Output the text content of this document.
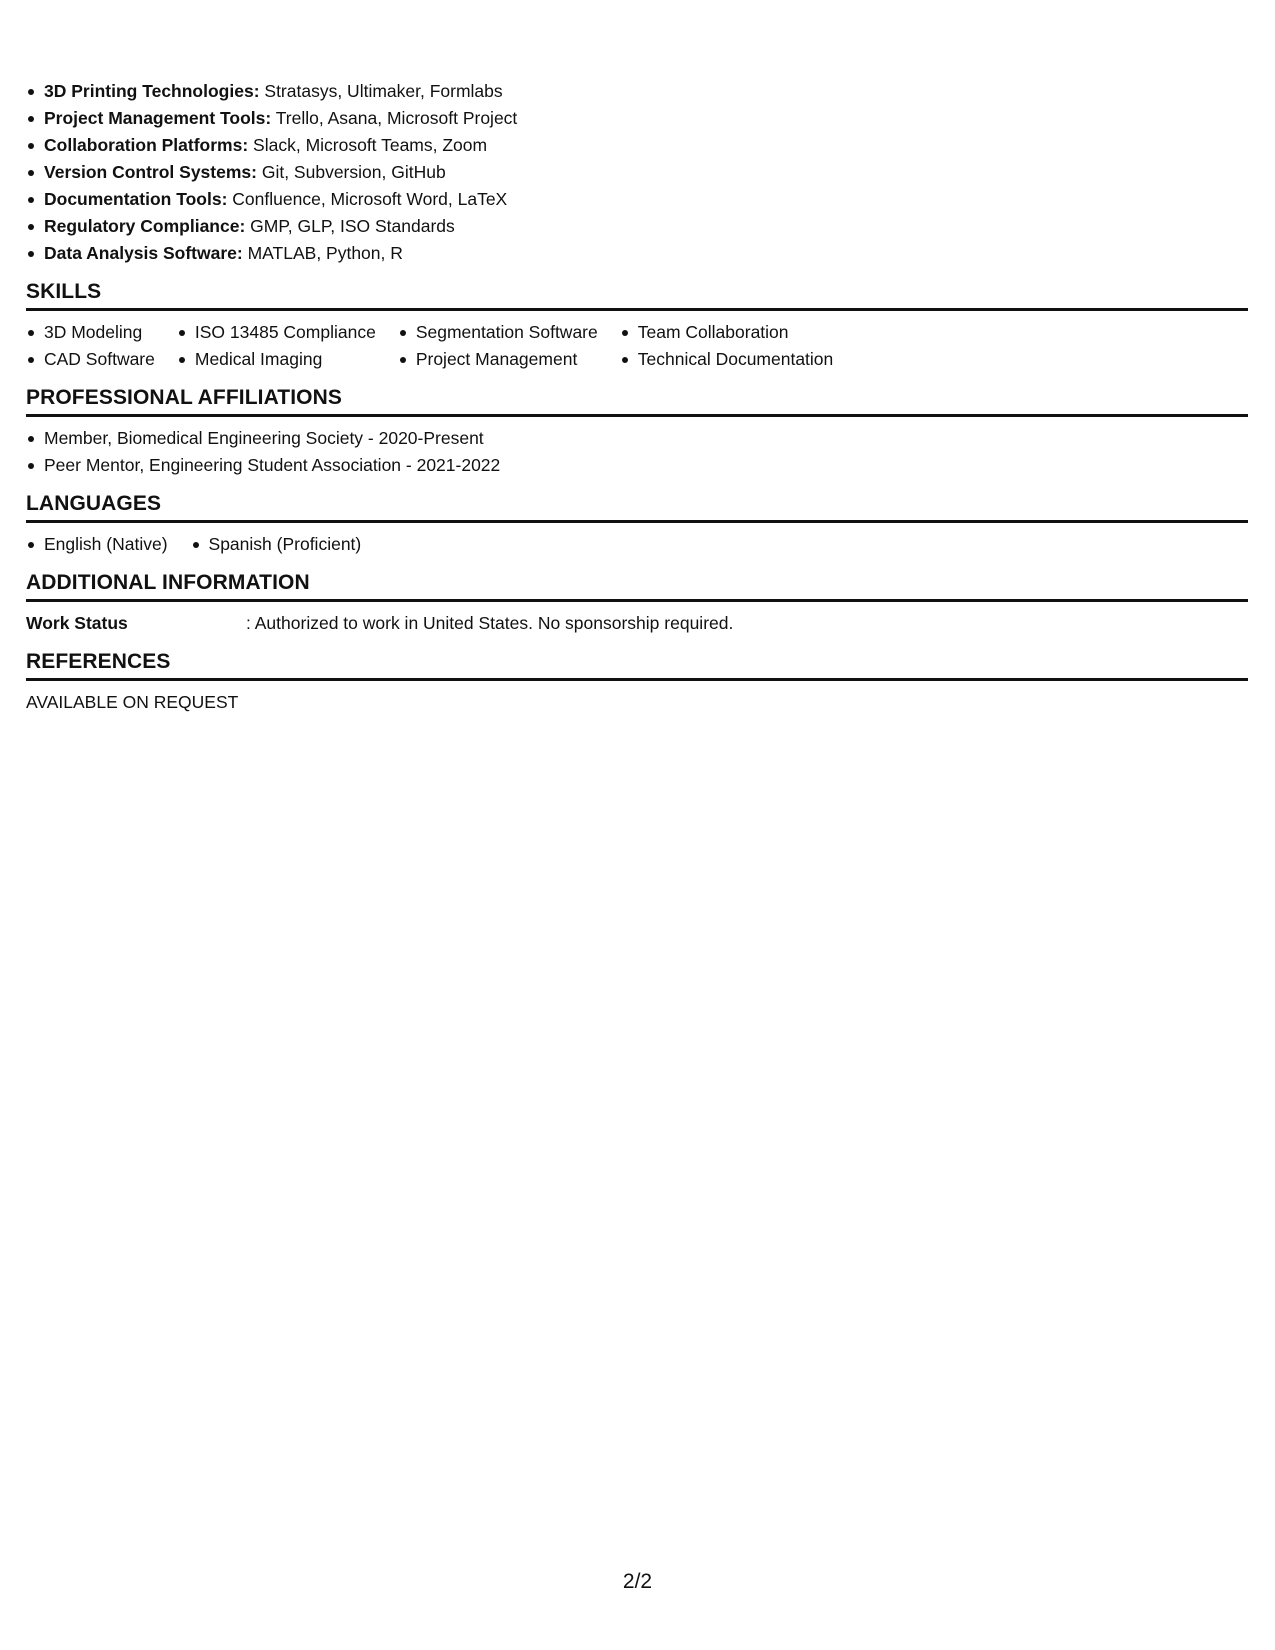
3D Printing Technologies: Stratasys, Ultimaker, Formlabs
Project Management Tools: Trello, Asana, Microsoft Project
Collaboration Platforms: Slack, Microsoft Teams, Zoom
Version Control Systems: Git, Subversion, GitHub
Documentation Tools: Confluence, Microsoft Word, LaTeX
Regulatory Compliance: GMP, GLP, ISO Standards
Data Analysis Software: MATLAB, Python, R
SKILLS
3D Modeling
CAD Software
ISO 13485 Compliance
Medical Imaging
Segmentation Software
Project Management
Team Collaboration
Technical Documentation
PROFESSIONAL AFFILIATIONS
Member, Biomedical Engineering Society - 2020-Present
Peer Mentor, Engineering Student Association - 2021-2022
LANGUAGES
English (Native)	Spanish (Proficient)
ADDITIONAL INFORMATION
Work Status	: Authorized to work in United States. No sponsorship required.
REFERENCES
AVAILABLE ON REQUEST
2/2
